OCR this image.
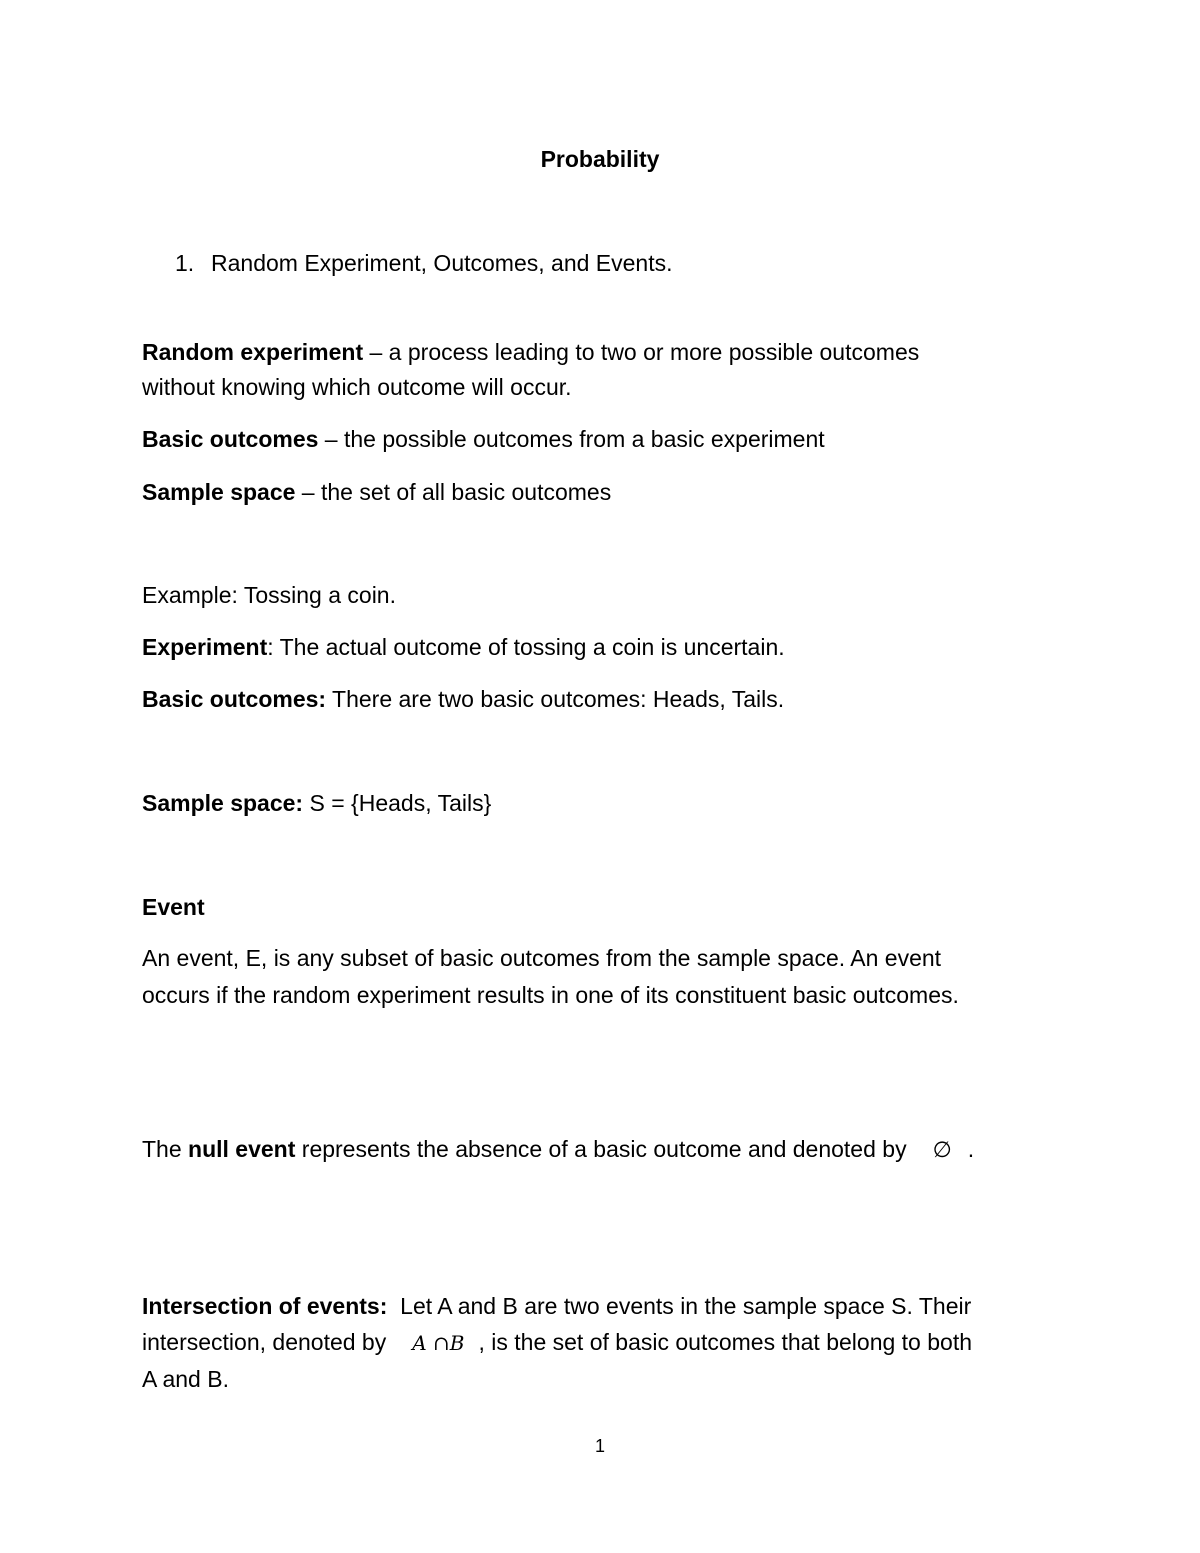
Probability
1. Random Experiment, Outcomes, and Events.
Random experiment – a process leading to two or more possible outcomes
without knowing which outcome will occur.
Basic outcomes – the possible outcomes from a basic experiment
Sample space – the set of all basic outcomes
Example: Tossing a coin.
Experiment: The actual outcome of tossing a coin is uncertain.
Basic outcomes: There are two basic outcomes: Heads, Tails.
Sample space: S = {Heads, Tails}
Event
An event, E, is any subset of basic outcomes from the sample space. An event
occurs if the random experiment results in one of its constituent basic outcomes.
The null event represents the absence of a basic outcome and denoted by ∅ .
Intersection of events:  Let A and B are two events in the sample space S. Their
intersection, denoted by A ∩B , is the set of basic outcomes that belong to both
A and B.
1
